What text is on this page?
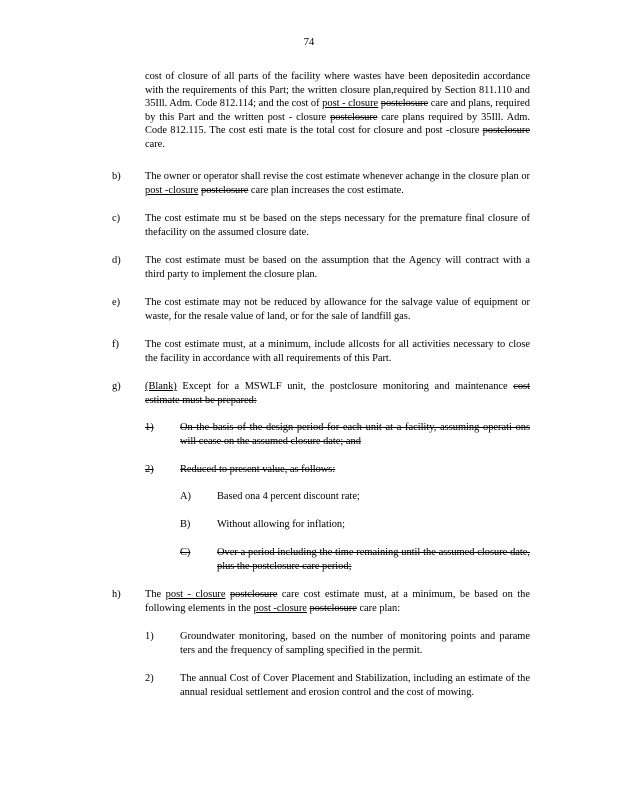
74
cost of closure of all parts of the facility where wastes have been depositedin accordance with the requirements of this Part; the written closure plan,required by Section 811.110 and 35Ill. Adm. Code 812.114; and the cost of post - closure postclosure care and plans, required by this Part and the written post - closure postclosure care plans required by 35Ill. Adm. Code 812.115. The cost esti mate is the total cost for closure and post -closure postclosure care.
b) The owner or operator shall revise the cost estimate whenever achange in the closure plan or post -closure postclosure care plan increases the cost estimate.
c) The cost estimate mu st be based on the steps necessary for the premature final closure of thefacility on the assumed closure date.
d) The cost estimate must be based on the assumption that the Agency will contract with a third party to implement the closure plan.
e) The cost estimate may not be reduced by allowance for the salvage value of equipment or waste, for the resale value of land, or for the sale of landfill gas.
f)	The cost estimate must, at a minimum, include allcosts for all activities necessary to close the facility in accordance with all requirements of this Part.
g) (Blank) Except for a MSWLF unit, the postclosure monitoring and maintenance cost estimate must be prepared:
1)	On the basis of the design period for each unit at a facility, assuming operati ons will cease on the assumed closure date; and
2)	Reduced to present value, as follows:
A)	Based ona 4 percent discount rate;
B)	Without allowing for inflation;
C)	Over a period including the time remaining until the assumed closure date, plus the postclosure care period;
h) The post - closure postclosure care cost estimate must, at a minimum, be based on the following elements in the post -closure postclosure care plan:
1)	Groundwater monitoring, based on the number of monitoring points and parame ters and the frequency of sampling specified in the permit.
2)	The annual Cost of Cover Placement and Stabilization, including an estimate of the annual residual settlement and erosion control and the cost of mowing.
